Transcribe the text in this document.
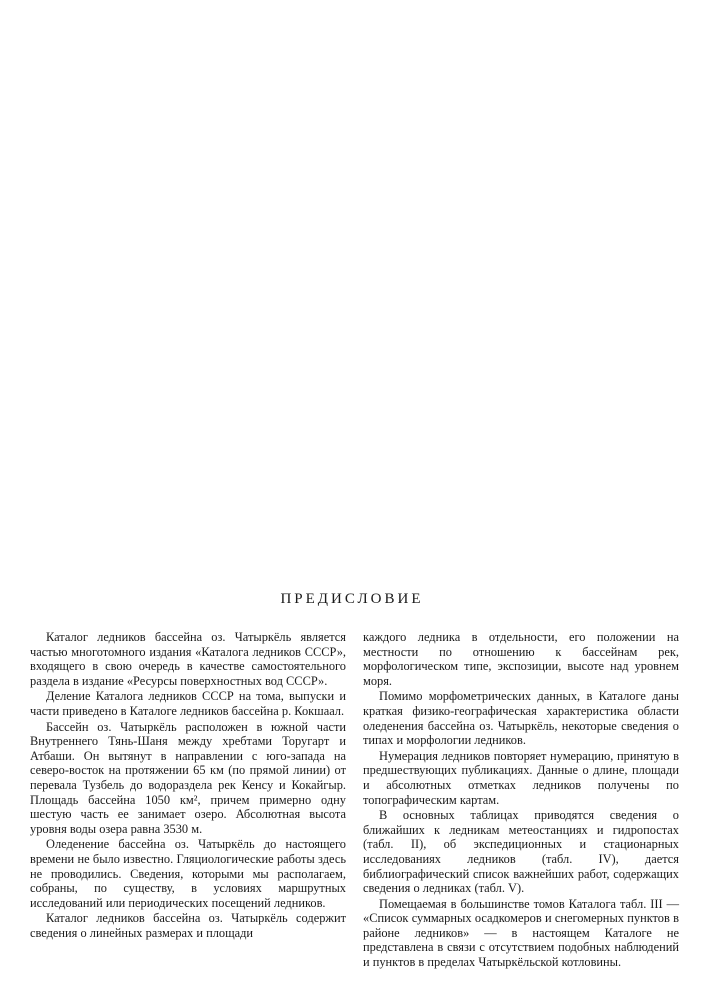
ПРЕДИСЛОВИЕ

Каталог ледников бассейна оз. Чатыркёль является частью многотомного издания «Каталога ледников СССР», входящего в свою очередь в качестве самостоятельного раздела в издание «Ресурсы поверхностных вод СССР».

Деление Каталога ледников СССР на тома, выпуски и части приведено в Каталоге ледников бассейна р. Кокшаал.

Бассейн оз. Чатыркёль расположен в южной части Внутреннего Тянь-Шаня между хребтами Торугарт и Атбаши. Он вытянут в направлении с юго-запада на северо-восток на протяжении 65 км (по прямой линии) от перевала Тузбель до водораздела рек Кенсу и Кокайгыр. Площадь бассейна 1050 км², причем примерно одну шестую часть ее занимает озеро. Абсолютная высота уровня воды озера равна 3530 м.

Оледенение бассейна оз. Чатыркёль до настоящего времени не было известно. Гляциологические работы здесь не проводились. Сведения, которыми мы располагаем, собраны, по существу, в условиях маршрутных исследований или периодических посещений ледников.

Каталог ледников бассейна оз. Чатыркёль содержит сведения о линейных размерах и площади

каждого ледника в отдельности, его положении на местности по отношению к бассейнам рек, морфологическом типе, экспозиции, высоте над уровнем моря.

Помимо морфометрических данных, в Каталоге даны краткая физико-географическая характеристика области оледенения бассейна оз. Чатыркёль, некоторые сведения о типах и морфологии ледников.

Нумерация ледников повторяет нумерацию, принятую в предшествующих публикациях. Данные о длине, площади и абсолютных отметках ледников получены по топографическим картам.

В основных таблицах приводятся сведения о ближайших к ледникам метеостанциях и гидропостах (табл. II), об экспедиционных и стационарных исследованиях ледников (табл. IV), дается библиографический список важнейших работ, содержащих сведения о ледниках (табл. V).

Помещаемая в большинстве томов Каталога табл. III — «Список суммарных осадкомеров и снегомерных пунктов в районе ледников» — в настоящем Каталоге не представлена в связи с отсутствием подобных наблюдений и пунктов в пределах Чатыркёльской котловины.
